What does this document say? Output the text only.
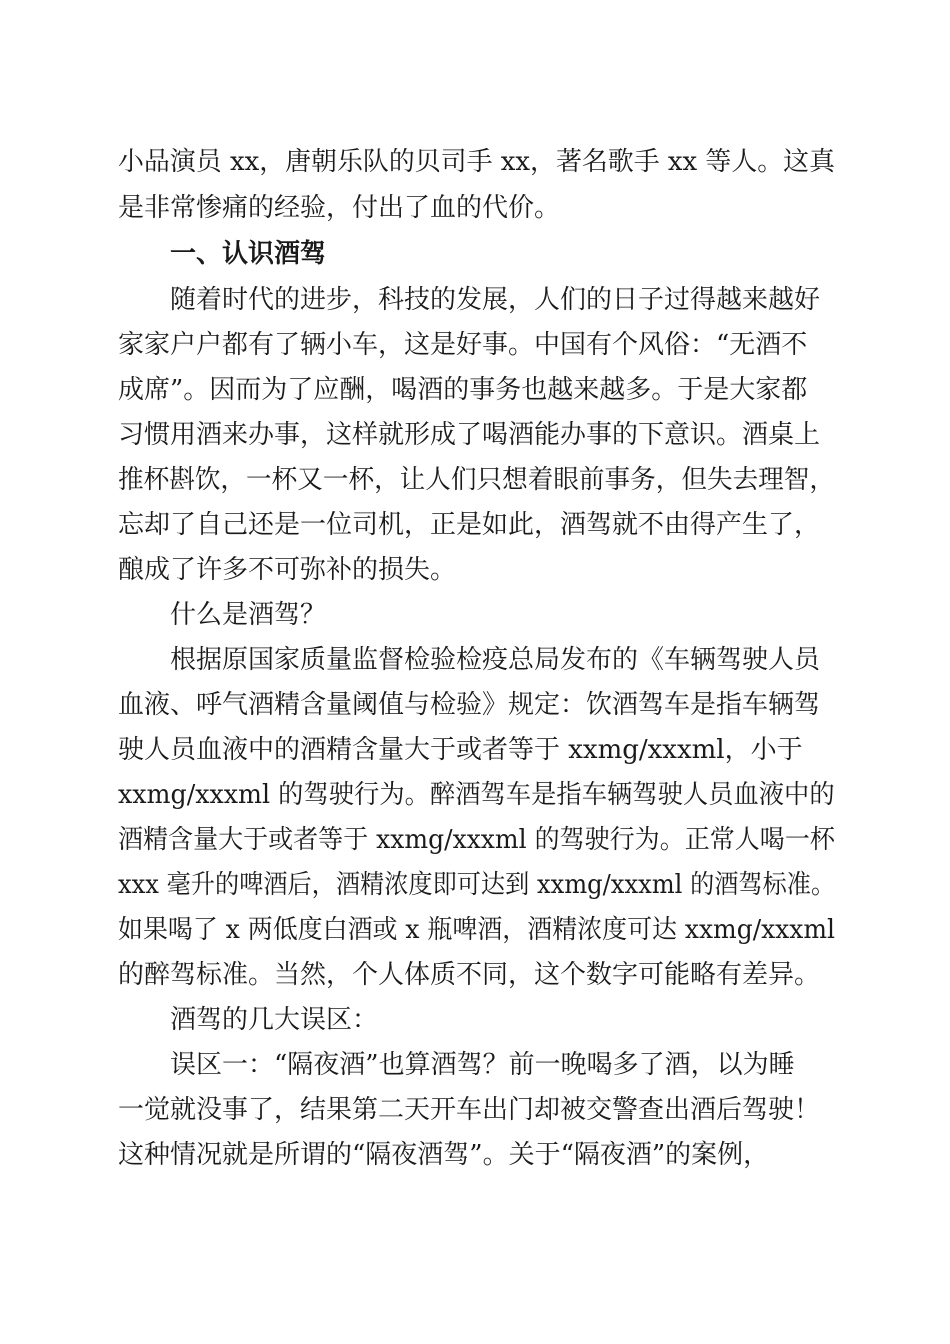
小品演员 xx，唐朝乐队的贝司手 xx，著名歌手 xx 等人。这真
是非常惨痛的经验，付出了血的代价。
一、认识酒驾
随着时代的进步，科技的发展，人们的日子过得越来越好
家家户户都有了辆小车，这是好事。中国有个风俗：“无酒不
成席”。因而为了应酬，喝酒的事务也越来越多。于是大家都
习惯用酒来办事，这样就形成了喝酒能办事的下意识。酒桌上
推杯斟饮，一杯又一杯，让人们只想着眼前事务，但失去理智，
忘却了自己还是一位司机，正是如此，酒驾就不由得产生了，
酿成了许多不可弥补的损失。
什么是酒驾？
根据原国家质量监督检验检疫总局发布的《车辆驾驶人员
血液、呼气酒精含量阈值与检验》规定：饮酒驾车是指车辆驾
驶人员血液中的酒精含量大于或者等于 xxmg/xxxml，小于
xxmg/xxxml 的驾驶行为。醉酒驾车是指车辆驾驶人员血液中的
酒精含量大于或者等于 xxmg/xxxml 的驾驶行为。正常人喝一杯
xxx 毫升的啤酒后，酒精浓度即可达到 xxmg/xxxml 的酒驾标准。
如果喝了 x 两低度白酒或 x 瓶啤酒，酒精浓度可达 xxmg/xxxml
的醉驾标准。当然，个人体质不同，这个数字可能略有差异。
酒驾的几大误区：
误区一：“隔夜酒”也算酒驾？前一晚喝多了酒，以为睡
一觉就没事了，结果第二天开车出门却被交警查出酒后驾驶！
这种情况就是所谓的“隔夜酒驾”。关于“隔夜酒”的案例，
